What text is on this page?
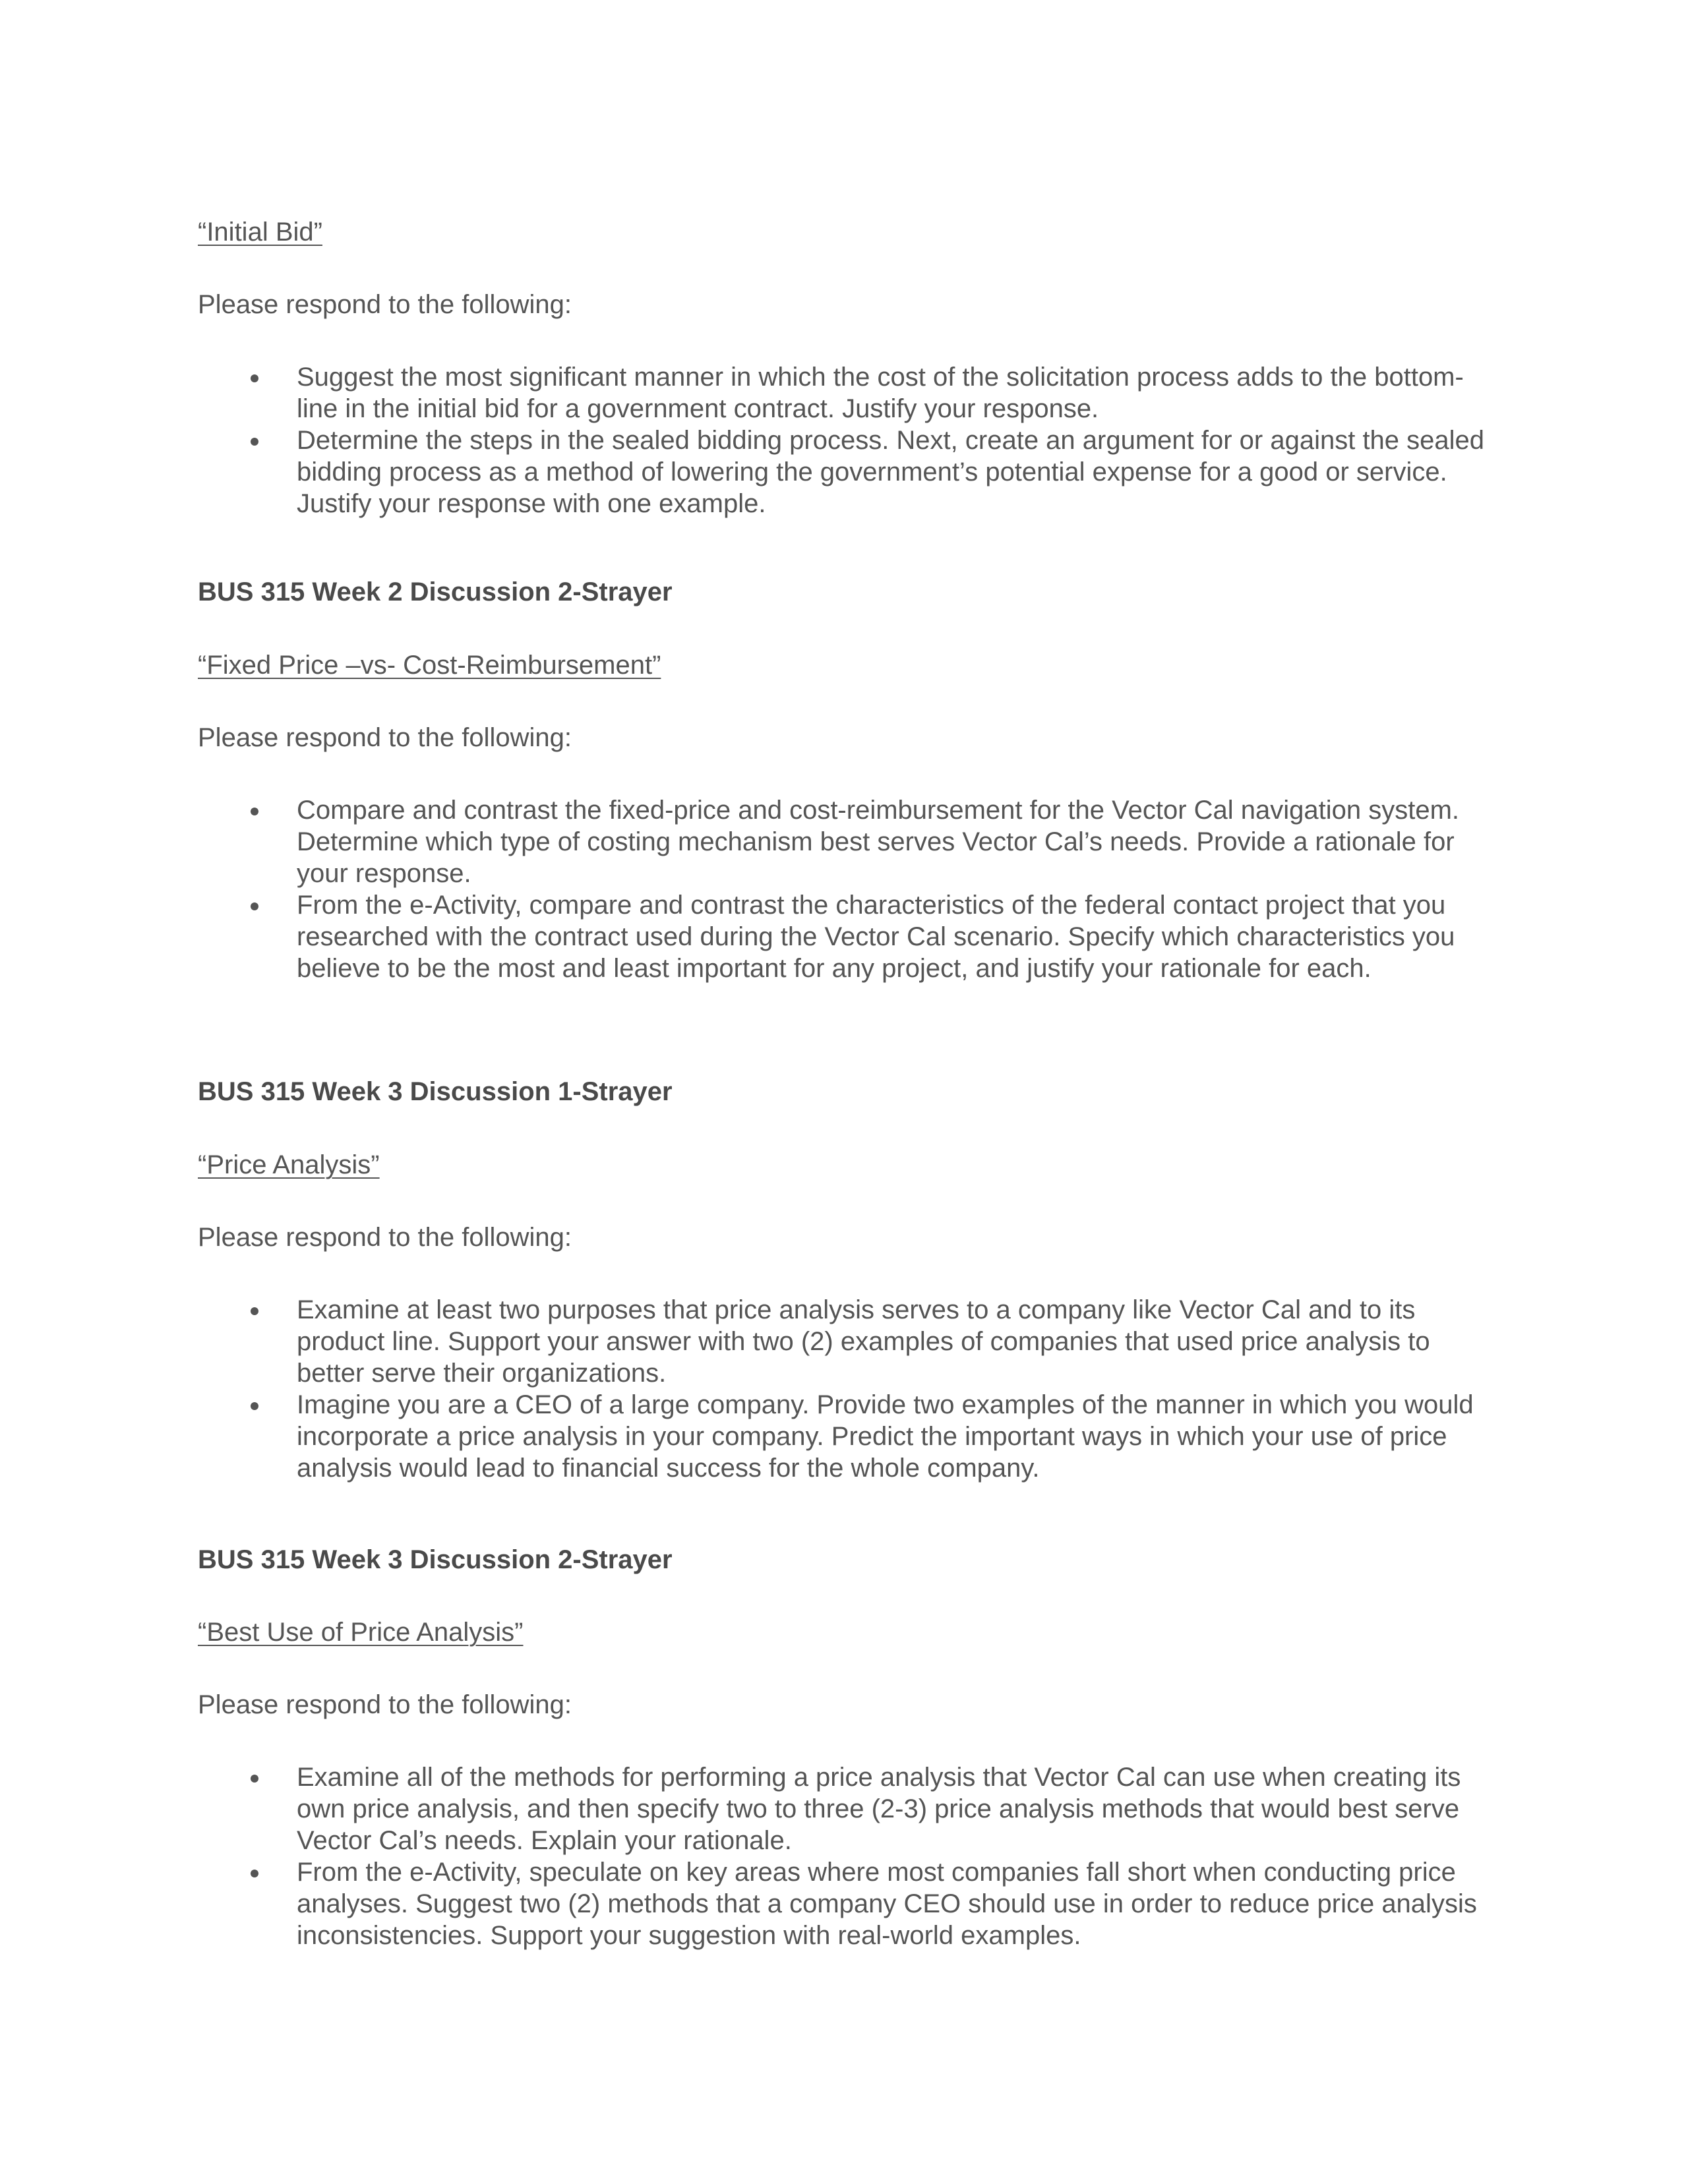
“Initial Bid”
Please respond to the following:
Suggest the most significant manner in which the cost of the solicitation process adds to the bottom-line in the initial bid for a government contract. Justify your response.
Determine the steps in the sealed bidding process. Next, create an argument for or against the sealed bidding process as a method of lowering the government’s potential expense for a good or service. Justify your response with one example.
BUS 315 Week 2 Discussion 2-Strayer
“Fixed Price –vs- Cost-Reimbursement”
Please respond to the following:
Compare and contrast the fixed-price and cost-reimbursement for the Vector Cal navigation system. Determine which type of costing mechanism best serves Vector Cal’s needs. Provide a rationale for your response.
From the e-Activity, compare and contrast the characteristics of the federal contact project that you researched with the contract used during the Vector Cal scenario. Specify which characteristics you believe to be the most and least important for any project, and justify your rationale for each.
BUS 315 Week 3 Discussion 1-Strayer
“Price Analysis”
Please respond to the following:
Examine at least two purposes that price analysis serves to a company like Vector Cal and to its product line. Support your answer with two (2) examples of companies that used price analysis to better serve their organizations.
Imagine you are a CEO of a large company. Provide two examples of the manner in which you would incorporate a price analysis in your company. Predict the important ways in which your use of price analysis would lead to financial success for the whole company.
BUS 315 Week 3 Discussion 2-Strayer
“Best Use of Price Analysis”
Please respond to the following:
Examine all of the methods for performing a price analysis that Vector Cal can use when creating its own price analysis, and then specify two to three (2-3) price analysis methods that would best serve Vector Cal’s needs. Explain your rationale.
From the e-Activity, speculate on key areas where most companies fall short when conducting price analyses. Suggest two (2) methods that a company CEO should use in order to reduce price analysis inconsistencies. Support your suggestion with real-world examples.
